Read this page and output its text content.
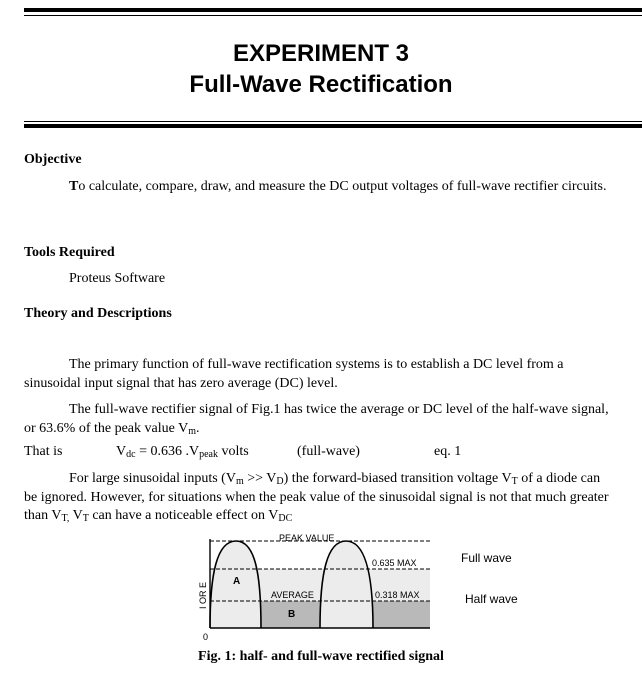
EXPERIMENT 3
Full-Wave Rectification
Objective
To calculate, compare, draw, and measure the DC output voltages of full-wave rectifier circuits.
Tools Required
Proteus Software
Theory and Descriptions
The primary function of full-wave rectification systems is to establish a DC level from a sinusoidal input signal that has zero average (DC) level.
The full-wave rectifier signal of Fig.1 has twice the average or DC level of the half-wave signal, or 63.6% of the peak value $V_m$.
That is	$V_{dc} = 0.636$ $.V_{peak}$ volts	(full-wave)	eq. 1
For large sinusoidal inputs $(V_m >> V_D)$ the forward-biased transition voltage $V_T$ of a diode can be ignored. However, for situations when the peak value of the sinusoidal signal is not that much greater than $V_{T,}$ $V_T$ can have a noticeable effect on $V_{DC}$
PEAK VALUE
0.635 MAX
0.318 MAX
AVERAGE
A
B
I OR E
0
Full wave
Half wave
Fig. 1: half- and full-wave rectified signal
